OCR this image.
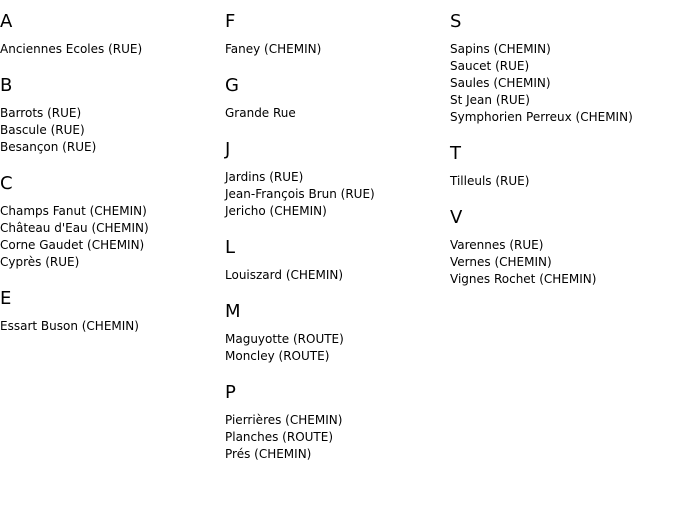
A
Anciennes Ecoles (RUE)
B
Barrots (RUE)
Bascule (RUE)
Besançon (RUE)
C
Champs Fanut (CHEMIN)
Château d'Eau (CHEMIN)
Corne Gaudet (CHEMIN)
Cyprès (RUE)
E
Essart Buson (CHEMIN)
F
Faney (CHEMIN)
G
Grande Rue
J
Jardins (RUE)
Jean-François Brun (RUE)
Jericho (CHEMIN)
L
Louiszard (CHEMIN)
M
Maguyotte (ROUTE)
Moncley (ROUTE)
P
Pierrières (CHEMIN)
Planches (ROUTE)
Prés (CHEMIN)
S
Sapins (CHEMIN)
Saucet (RUE)
Saules (CHEMIN)
St Jean (RUE)
Symphorien Perreux (CHEMIN)
T
Tilleuls (RUE)
V
Varennes (RUE)
Vernes (CHEMIN)
Vignes Rochet (CHEMIN)
